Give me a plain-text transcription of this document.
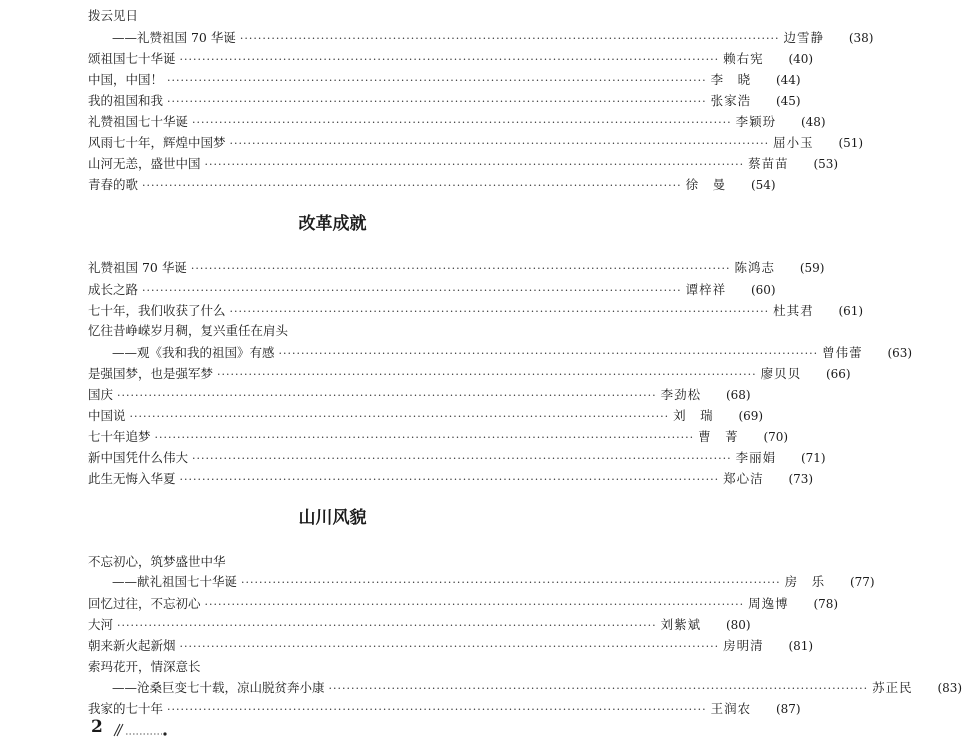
拨云见日
——礼赞祖国 70 华诞 ························································································································ 边雪静	(38)
颂祖国七十华诞 ························································································································ 赖右宪	(40)
中国，中国！ ························································································································ 李　晓	(44)
我的祖国和我 ························································································································ 张家浩	(45)
礼赞祖国七十华诞 ························································································································ 李颖玢	(48)
风雨七十年，辉煌中国梦 ························································································································ 屈小玉	(51)
山河无恙，盛世中国 ························································································································ 蔡苗苗	(53)
青春的歌 ························································································································ 徐　曼	(54)
改革成就
礼赞祖国 70 华诞 ························································································································ 陈鸿志	(59)
成长之路 ························································································································ 谭梓祥	(60)
七十年，我们收获了什么 ························································································································ 杜其君	(61)
忆往昔峥嵘岁月稠，复兴重任在肩头
——观《我和我的祖国》有感 ························································································································ 曾伟蕾	(63)
是强国梦，也是强军梦 ························································································································ 廖贝贝	(66)
国庆 ························································································································ 李劲松	(68)
中国说 ························································································································ 刘　瑞	(69)
七十年追梦 ························································································································ 曹　菁	(70)
新中国凭什么伟大 ························································································································ 李丽娟	(71)
此生无悔入华夏 ························································································································ 郑心洁	(73)
山川风貌
不忘初心，筑梦盛世中华
——献礼祖国七十华诞 ························································································································ 房　乐	(77)
回忆过往，不忘初心 ························································································································ 周逸博	(78)
大河 ························································································································ 刘紫斌	(80)
朝来新火起新烟 ························································································································ 房明清	(81)
索玛花开，情深意长
——沧桑巨变七十载，凉山脱贫奔小康 ························································································································ 苏正民	(83)
我家的七十年 ························································································································ 王润农	(87)
2
